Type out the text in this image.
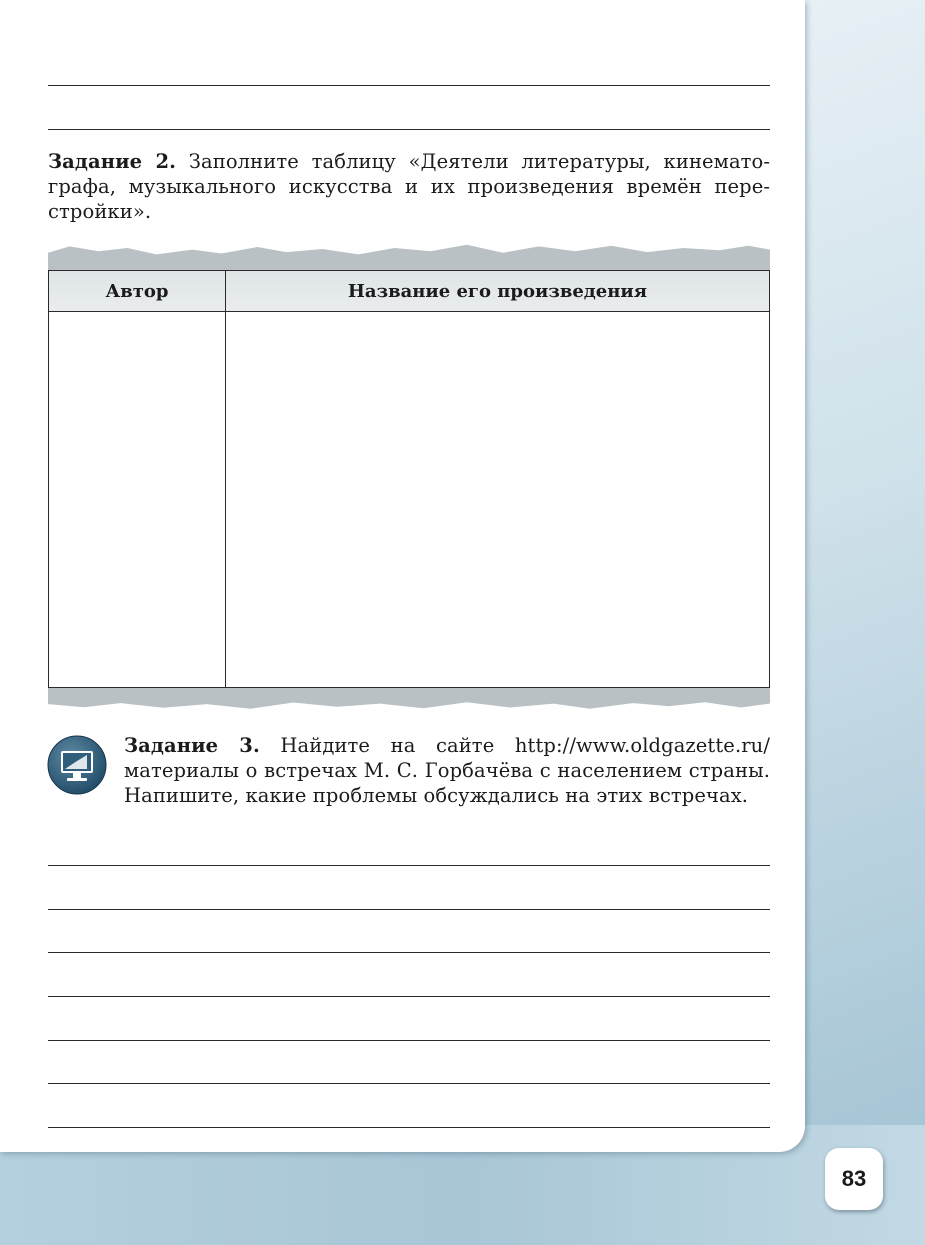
Задание 2. Заполните таблицу «Деятели литературы, кинематографа, музыкального искусства и их произведения времён перестройки».
Автор	Название его произведения
Задание 3. Найдите на сайте http://www.oldgazette.ru/ материалы о встречах М. С. Горбачёва с населением страны. Напишите, какие проблемы обсуждались на этих встречах.
83
